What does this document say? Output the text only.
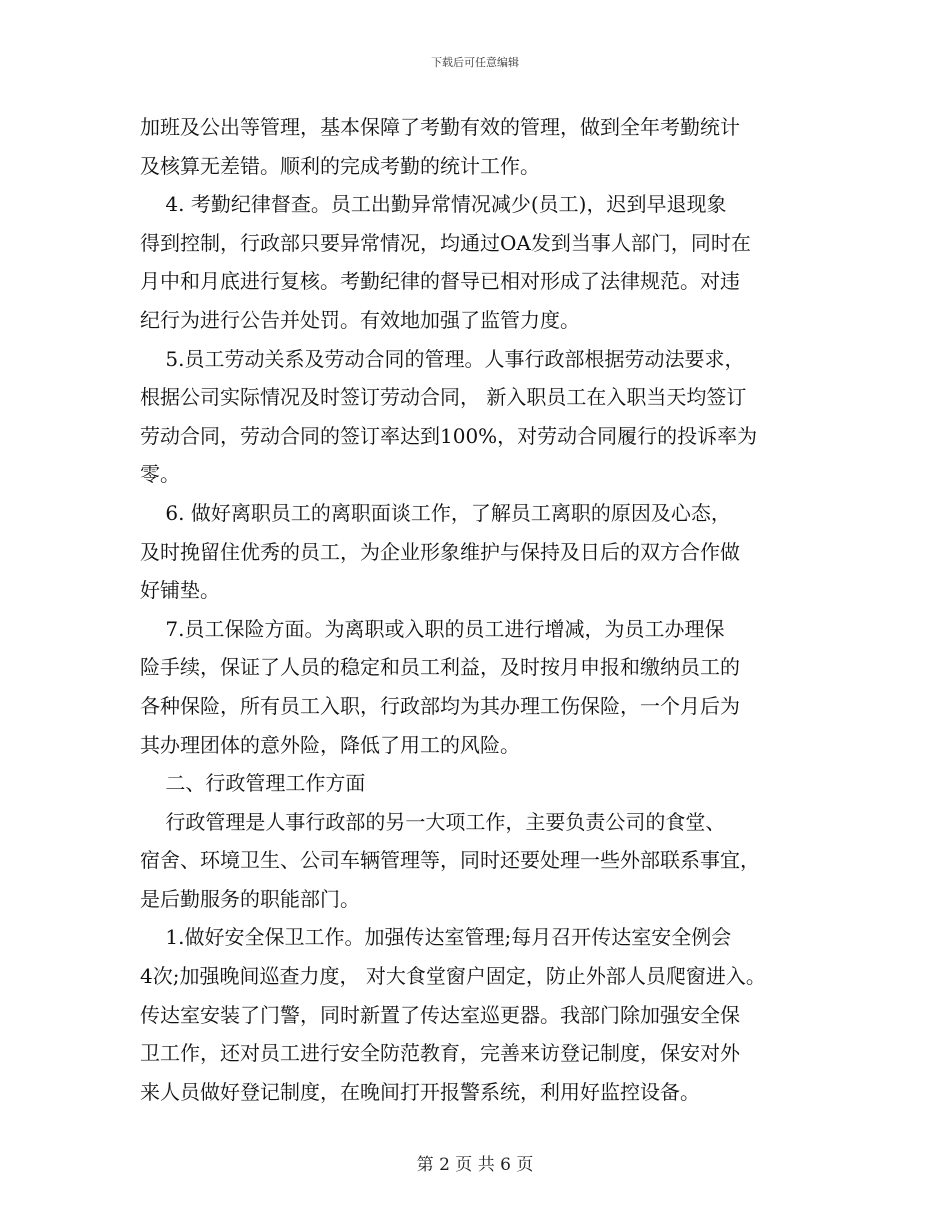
下载后可任意编辑
加班及公出等管理，基本保障了考勤有效的管理，做到全年考勤统计
及核算无差错。顺利的完成考勤的统计工作。
4. 考勤纪律督查。员工出勤异常情况减少(员工)，迟到早退现象
得到控制，行政部只要异常情况，均通过OA发到当事人部门，同时在
月中和月底进行复核。考勤纪律的督导已相对形成了法律规范。对违
纪行为进行公告并处罚。有效地加强了监管力度。
5.员工劳动关系及劳动合同的管理。人事行政部根据劳动法要求，
根据公司实际情况及时签订劳动合同， 新入职员工在入职当天均签订
劳动合同，劳动合同的签订率达到100%，对劳动合同履行的投诉率为
零。
6. 做好离职员工的离职面谈工作，了解员工离职的原因及心态，
及时挽留住优秀的员工，为企业形象维护与保持及日后的双方合作做
好铺垫。
7.员工保险方面。为离职或入职的员工进行增减，为员工办理保
险手续，保证了人员的稳定和员工利益，及时按月申报和缴纳员工的
各种保险，所有员工入职，行政部均为其办理工伤保险，一个月后为
其办理团体的意外险，降低了用工的风险。
二、行政管理工作方面
行政管理是人事行政部的另一大项工作，主要负责公司的食堂、
宿舍、环境卫生、公司车辆管理等，同时还要处理一些外部联系事宜，
是后勤服务的职能部门。
1.做好安全保卫工作。加强传达室管理;每月召开传达室安全例会
4次;加强晚间巡查力度， 对大食堂窗户固定，防止外部人员爬窗进入。
传达室安装了门警，同时新置了传达室巡更器。我部门除加强安全保
卫工作，还对员工进行安全防范教育，完善来访登记制度，保安对外
来人员做好登记制度，在晚间打开报警系统，利用好监控设备。
第 2 页 共 6 页
